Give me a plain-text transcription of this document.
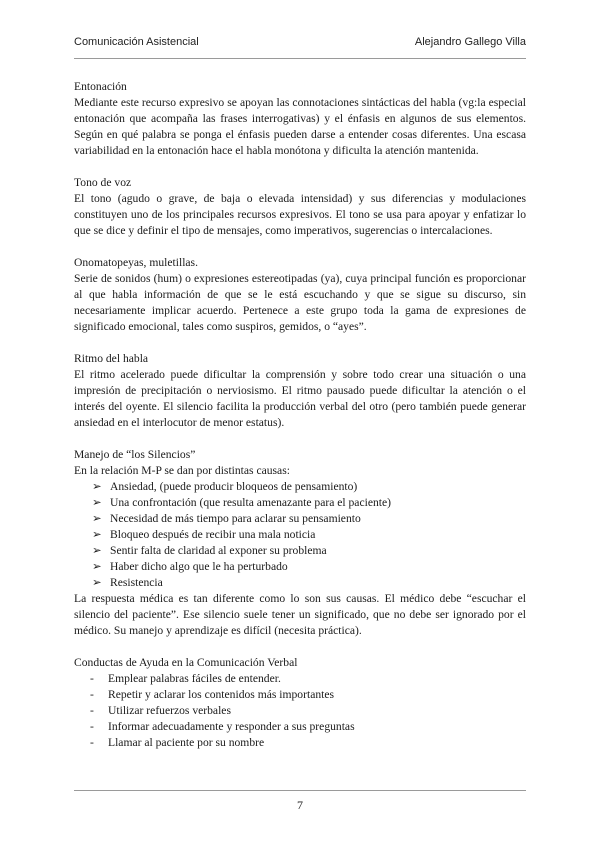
Comunicación Asistencial	Alejandro Gallego Villa
Entonación

Mediante este recurso expresivo se apoyan las connotaciones sintácticas del habla (vg:la especial entonación que acompaña las frases interrogativas) y el énfasis en algunos de sus elementos. Según en qué palabra se ponga el énfasis pueden darse a entender cosas diferentes. Una escasa variabilidad en la entonación hace el habla monótona y dificulta la atención mantenida.

Tono de voz

El tono (agudo o grave, de baja o elevada intensidad) y sus diferencias y modulaciones constituyen uno de los principales recursos expresivos. El tono se usa para apoyar y enfatizar lo que se dice y definir el tipo de mensajes, como imperativos, sugerencias o intercalaciones.

Onomatopeyas, muletillas.

Serie de sonidos (hum) o expresiones estereotipadas (ya), cuya principal función es proporcionar al que habla información de que se le está escuchando y que se sigue su discurso, sin necesariamente implicar acuerdo. Pertenece a este grupo toda la gama de expresiones de significado emocional, tales como suspiros, gemidos, o “ayes”.

Ritmo del habla

El ritmo acelerado puede dificultar la comprensión y sobre todo crear una situación o una impresión de precipitación o nerviosismo. El ritmo pausado puede dificultar la atención o el interés del oyente. El silencio facilita la producción verbal del otro (pero también puede generar ansiedad en el interlocutor de menor estatus).

Manejo de “los Silencios”

En la relación M-P se dan por distintas causas:

➢ Ansiedad, (puede producir bloqueos de pensamiento)
➢ Una confrontación (que resulta amenazante para el paciente)
➢ Necesidad de más tiempo para aclarar su pensamiento
➢ Bloqueo después de recibir una mala noticia
➢ Sentir falta de claridad al exponer su problema
➢ Haber dicho algo que le ha perturbado
➢ Resistencia

La respuesta médica es tan diferente como lo son sus causas. El médico debe “escuchar el silencio del paciente”. Ese silencio suele tener un significado, que no debe ser ignorado por el médico. Su manejo y aprendizaje es difícil (necesita práctica).

Conductas de Ayuda en la Comunicación Verbal
- Emplear palabras fáciles de entender.
- Repetir y aclarar los contenidos más importantes
- Utilizar refuerzos verbales
- Informar adecuadamente y responder a sus preguntas
- Llamar al paciente por su nombre
7
